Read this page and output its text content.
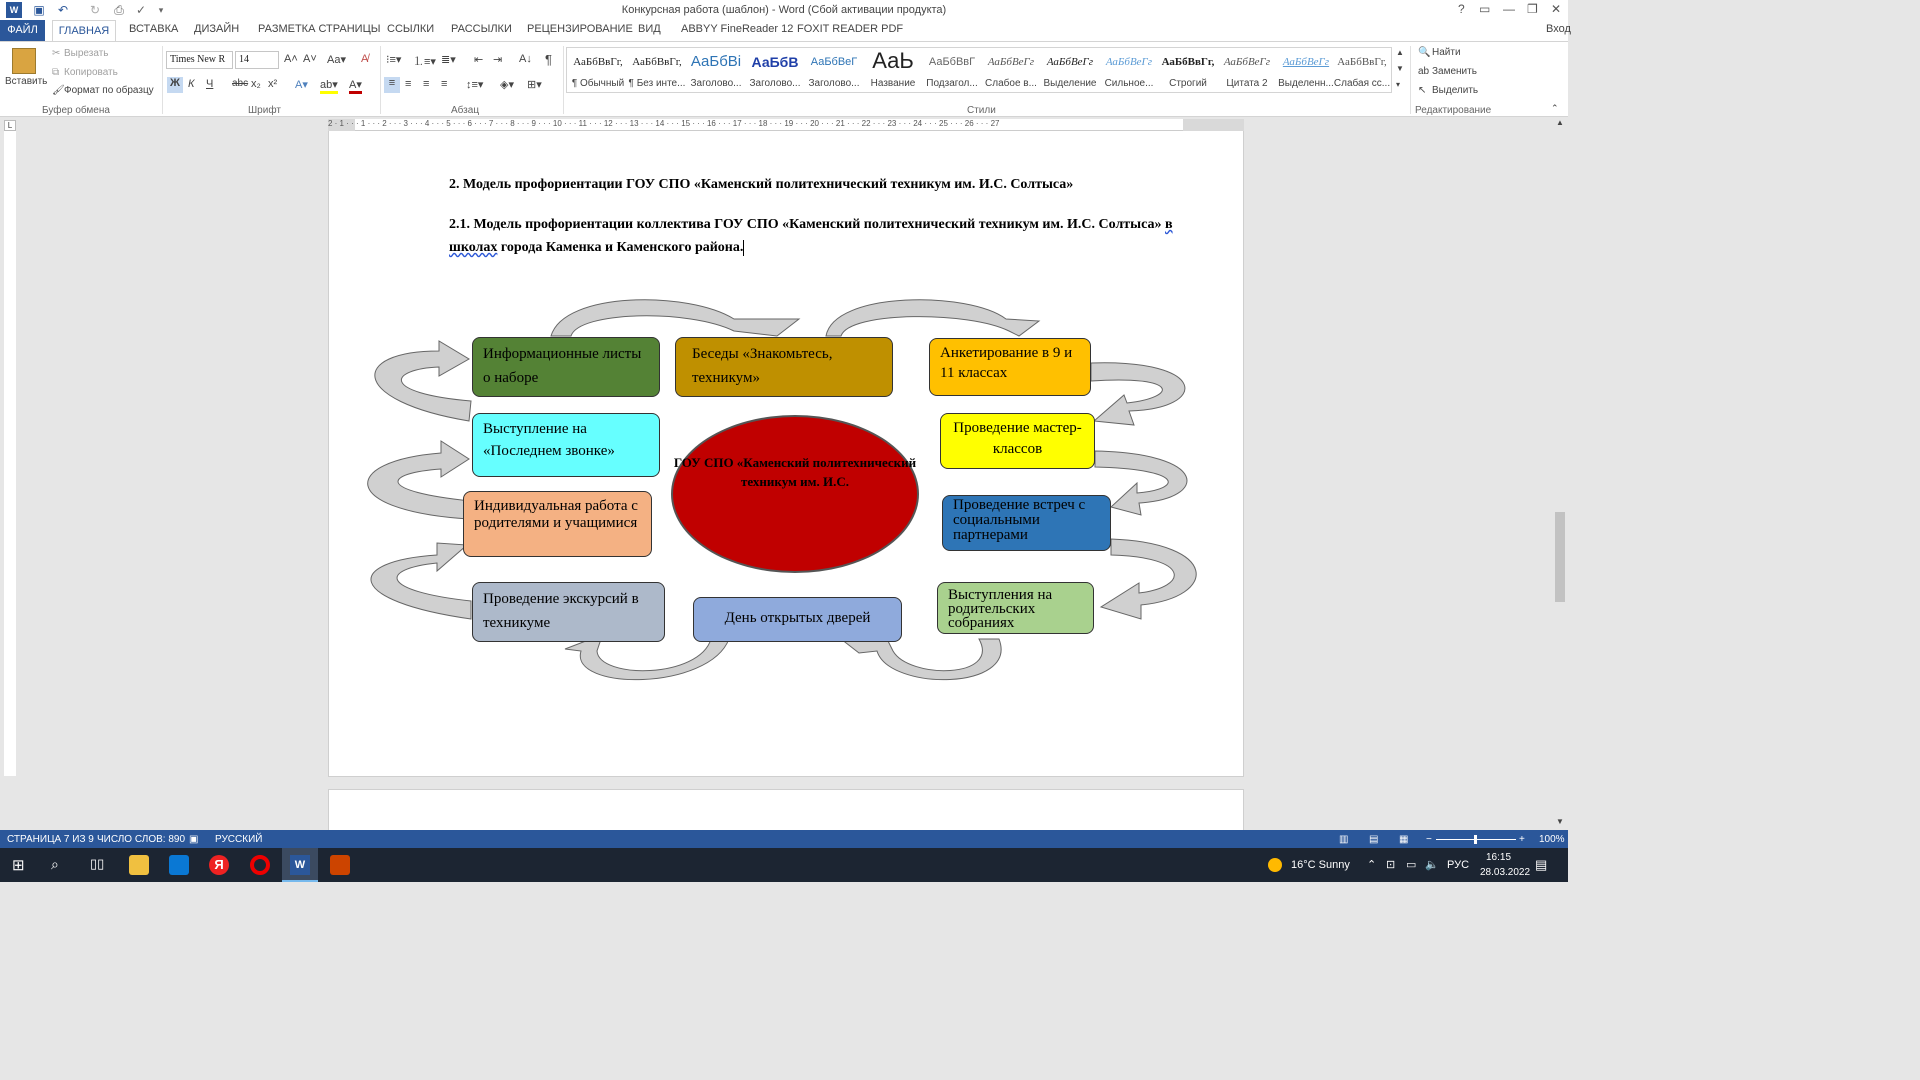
W	▣ ↶ ↻ ⎙ ✓	▾	Конкурсная работа (шаблон) - Word (Сбой активации продукта)	? ▭ — ❐ ✕
ВСТАВКА ДИЗАЙН РАЗМЕТКА СТРАНИЦЫ ССЫЛКИ РАССЫЛКИ РЕЦЕНЗИРОВАНИЕ ВИД ABBYY FineReader 12 FOXIT READER PDF	Вход
ФАЙЛ	ГЛАВНАЯ
Вставить
✂ Вырезать
⧉ Копировать
🖌 Формат по образцу
Буфер обмена
Times New R	14	A˄ A˅ Aa▾ A̸
Ж К Ч abc x₂ x² A▾ ab▾ A▾
Шрифт
⁝≡▾ ⒈≡▾ ≣▾ ⇤ ⇥ A↓ ¶
≡ ≡ ≡ ≡ ↕≡▾ ◈▾ ⊞▾
Абзац
АаБбВвГг,
¶ Обычный
АаБбВвГг,
¶ Без инте...
АаБбВі
Заголово...
АаБбВ
Заголово...
АаБбВеГ
Заголово...
АаЬ
Название
АаБбВвГ
Подзагол...
АаБбВеГг
Слабое в...
АаБбВеГг
Выделение
АаБбВеГг
Сильное...
АаБбВвГг,
Строгий
АаБбВеГг
Цитата 2
АаБбВеГг
Выделенн...
АаБбВвГг,
Слабая сс...
▲
▼
▾
Стили
🔍 Найти
ab Заменить
↖ Выделить
Редактирование	⌃
L	2 · 1 · · · 1 · · · 2 · · · 3 · · · 4 · · · 5 · · · 6 · · · 7 · · · 8 · · · 9 · · · 10 · · · 11 · · · 12 · · · 13 · · · 14 · · · 15 · · · 16 · · · 17 · · · 18 · · · 19 · · · 20 · · · 21 · · · 22 · · · 23 · · · 24 · · · 25 · · · 26 · · · 27
2. Модель профориентации ГОУ СПО «Каменский политехнический техникум им. И.С. Солтыса»
2.1. Модель профориентации коллектива ГОУ СПО «Каменский политехнический техникум им. И.С. Солтыса» в школах города Каменка и Каменского района.
Информационные листы о наборе
Беседы «Знакомьтесь, техникум»
Анкетирование в 9 и 11 классах
Выступление на «Последнем звонке»
Проведение мастер-классов
Индивидуальная работа с родителями и учащимися
Проведение встреч с социальными партнерами
Проведение экскурсий в техникуме	День открытых дверей
Выступления на родительских собраниях
ГОУ СПО «Каменский политехнический техникум им. И.С.
▲
▼
СТРАНИЦА 7 ИЗ 9 ЧИСЛО СЛОВ: 890 ▣ РУССКИЙ	▥ ▤ ▦ −	+ 100%
⊞ ⌕ ▯▯	Я	W	16°C Sunny ⌃ ⊡ ▭ 🔈 РУС
16:15
28.03.2022
▤
